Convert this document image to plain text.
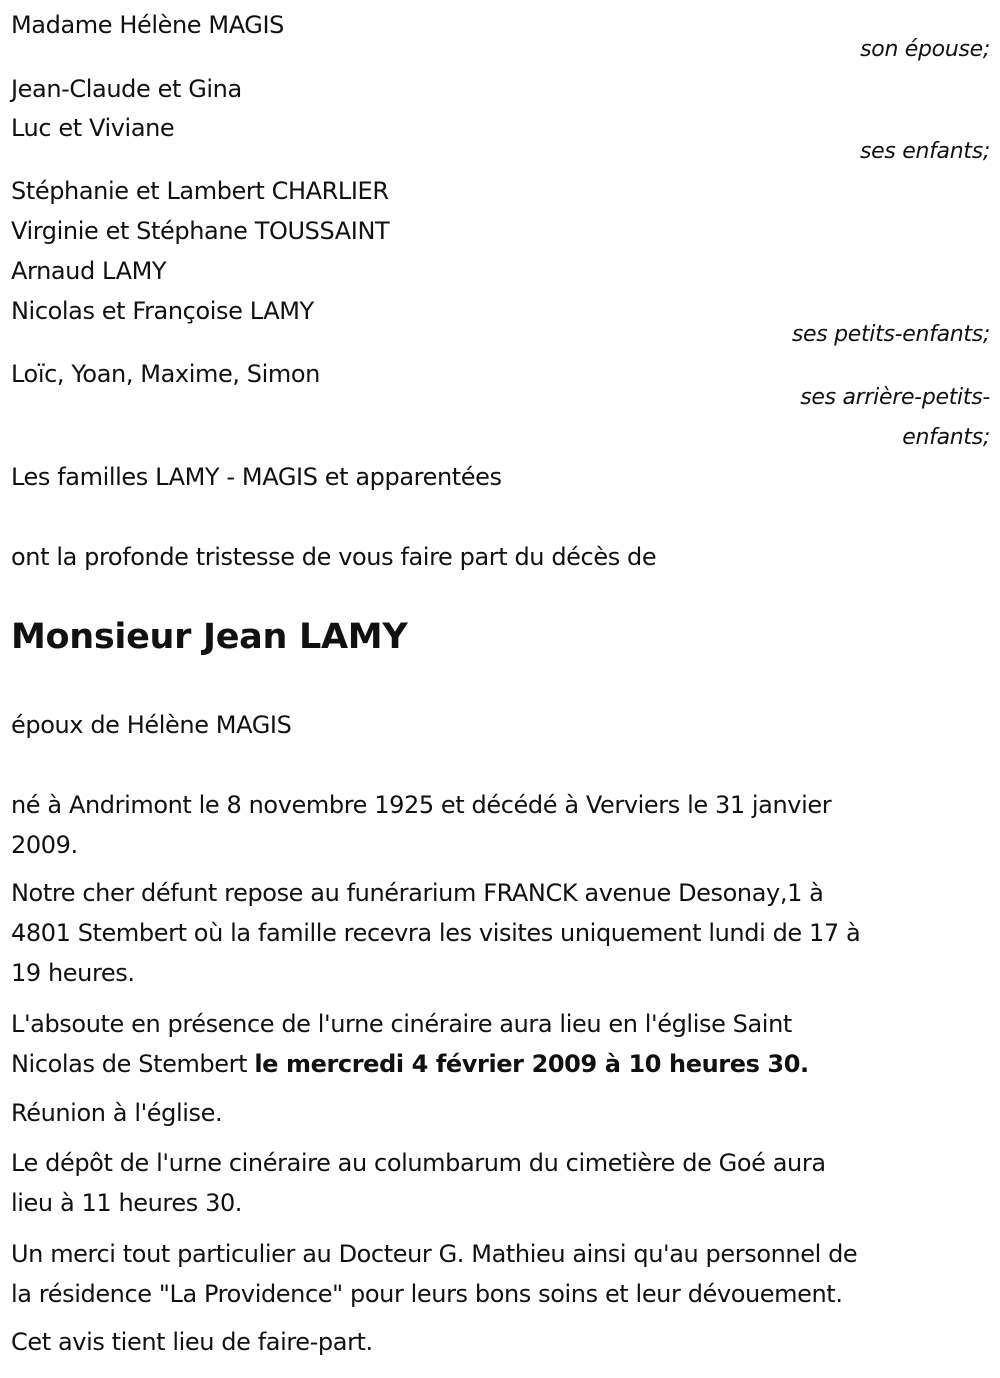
Madame Hélène MAGIS
son épouse;
Jean-Claude et Gina
Luc et Viviane
ses enfants;
Stéphanie et Lambert CHARLIER
Virginie et Stéphane TOUSSAINT
Arnaud LAMY
Nicolas et Françoise LAMY
ses petits-enfants;
Loïc, Yoan, Maxime, Simon
ses arrière-petits-
enfants;
Les familles LAMY - MAGIS et apparentées
ont la profonde tristesse de vous faire part du décès de
Monsieur Jean LAMY
époux de Hélène MAGIS
né à Andrimont le 8 novembre 1925 et décédé à Verviers le 31 janvier
2009.
Notre cher défunt repose au funérarium FRANCK avenue Desonay,1 à
4801 Stembert où la famille recevra les visites uniquement lundi de 17 à
19 heures.
L'absoute en présence de l'urne cinéraire aura lieu en l'église Saint
Nicolas de Stembert le mercredi 4 février 2009 à 10 heures 30.
Réunion à l'église.
Le dépôt de l'urne cinéraire au columbarum du cimetière de Goé aura
lieu à 11 heures 30.
Un merci tout particulier au Docteur G. Mathieu ainsi qu'au personnel de
la résidence "La Providence" pour leurs bons soins et leur dévouement.
Cet avis tient lieu de faire-part.
